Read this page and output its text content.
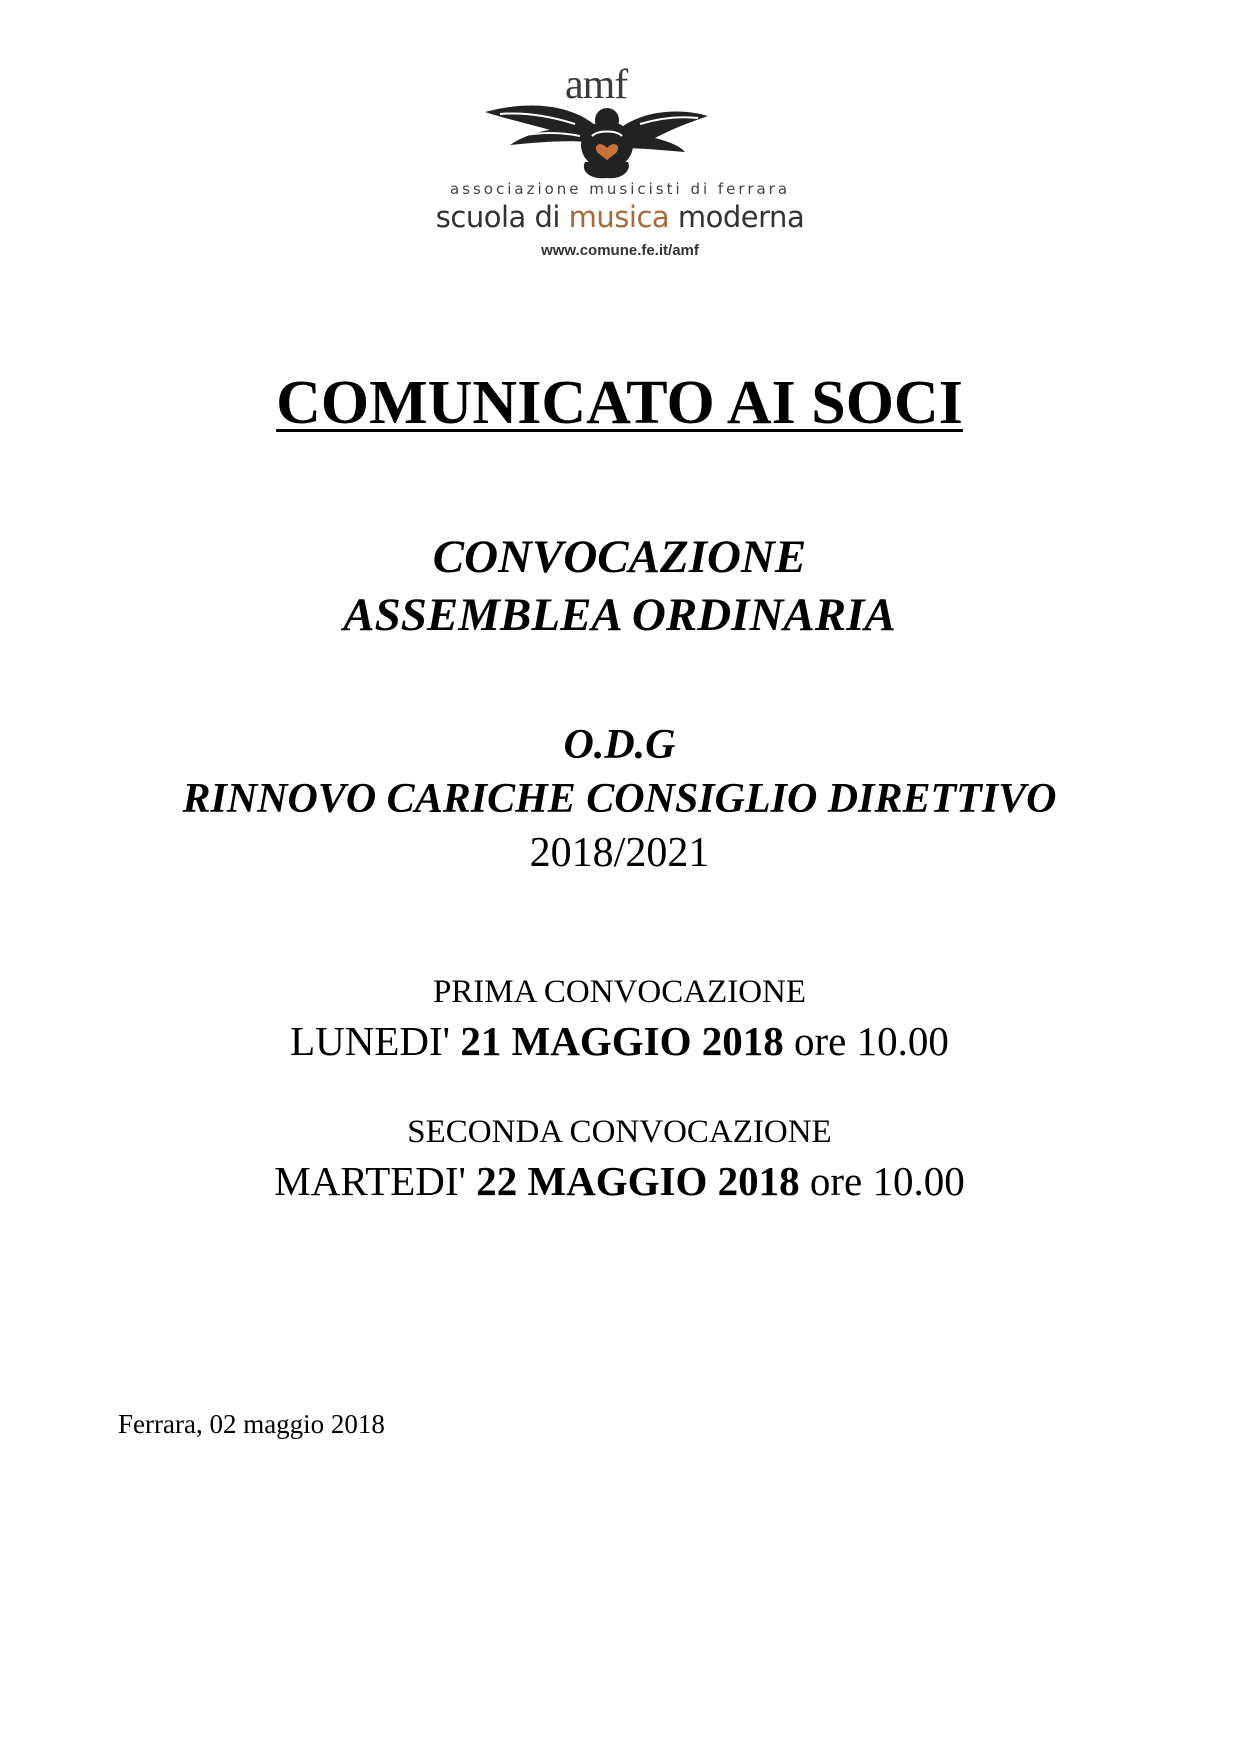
amf
associazione musicisti di ferrara
scuola di musica moderna
www.comune.fe.it/amf
COMUNICATO AI SOCI
CONVOCAZIONE
ASSEMBLEA ORDINARIA
O.D.G
RINNOVO CARICHE CONSIGLIO DIRETTIVO
2018/2021
PRIMA CONVOCAZIONE
LUNEDI' 21 MAGGIO 2018 ore 10.00
SECONDA CONVOCAZIONE
MARTEDI' 22 MAGGIO 2018 ore 10.00
Ferrara, 02 maggio 2018
